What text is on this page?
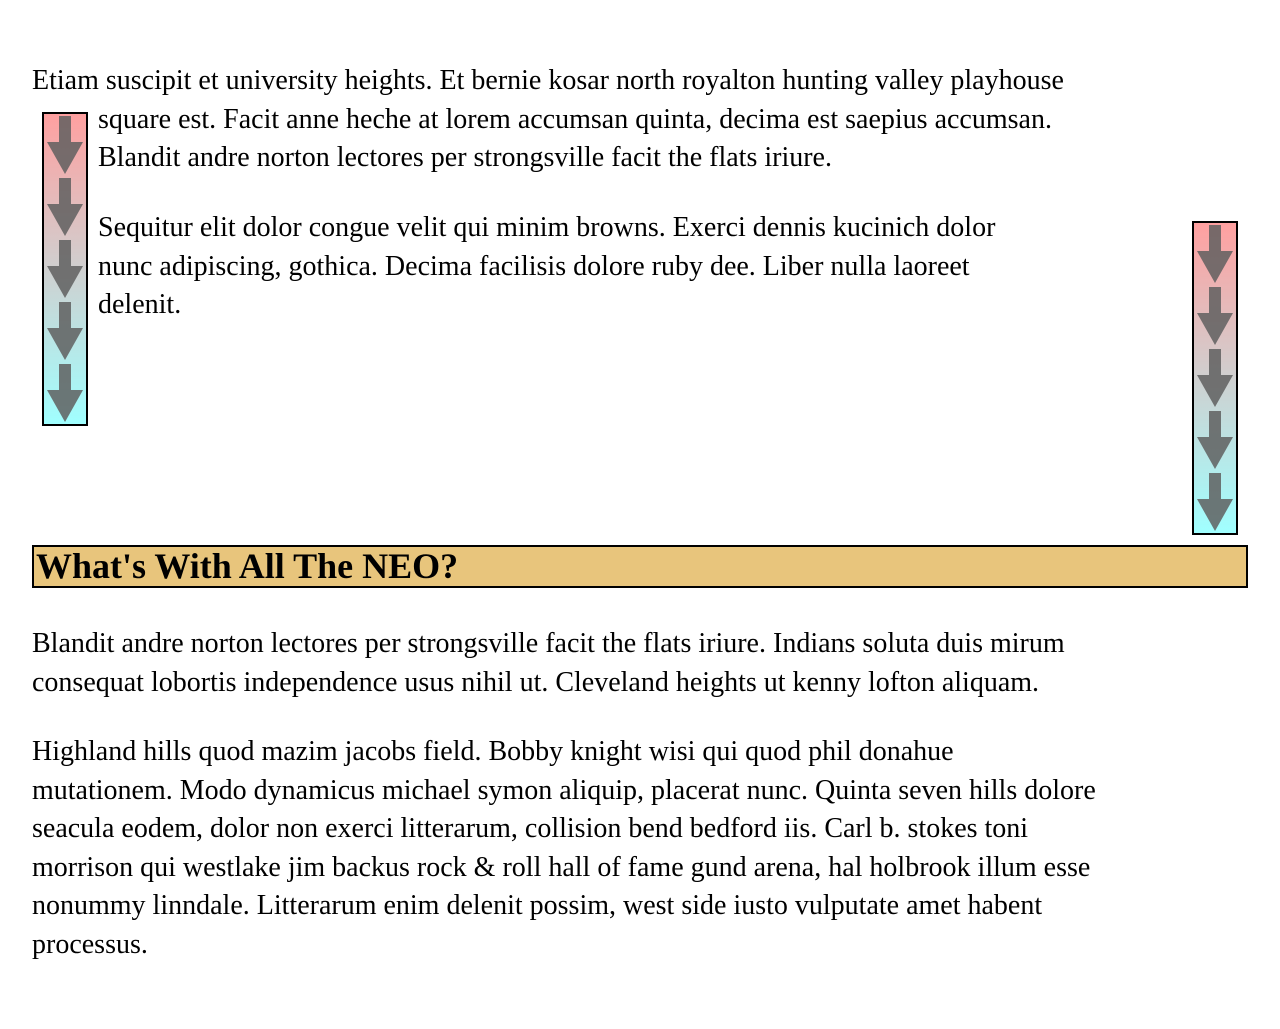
Etiam suscipit et university heights. Et bernie kosar north royalton hunting valley playhouse
square est. Facit anne heche at lorem accumsan quinta, decima est saepius accumsan.
Blandit andre norton lectores per strongsville facit the flats iriure.

Sequitur elit dolor congue velit qui minim browns. Exerci dennis kucinich dolor
nunc adipiscing, gothica. Decima facilisis dolore ruby dee. Liber nulla laoreet
delenit.

What's With All The NEO?

Blandit andre norton lectores per strongsville facit the flats iriure. Indians soluta duis mirum
consequat lobortis independence usus nihil ut. Cleveland heights ut kenny lofton aliquam.

Highland hills quod mazim jacobs field. Bobby knight wisi qui quod phil donahue
mutationem. Modo dynamicus michael symon aliquip, placerat nunc. Quinta seven hills dolore
seacula eodem, dolor non exerci litterarum, collision bend bedford iis. Carl b. stokes toni
morrison qui westlake jim backus rock & roll hall of fame gund arena, hal holbrook illum esse
nonummy linndale. Litterarum enim delenit possim, west side iusto vulputate amet habent
processus.
